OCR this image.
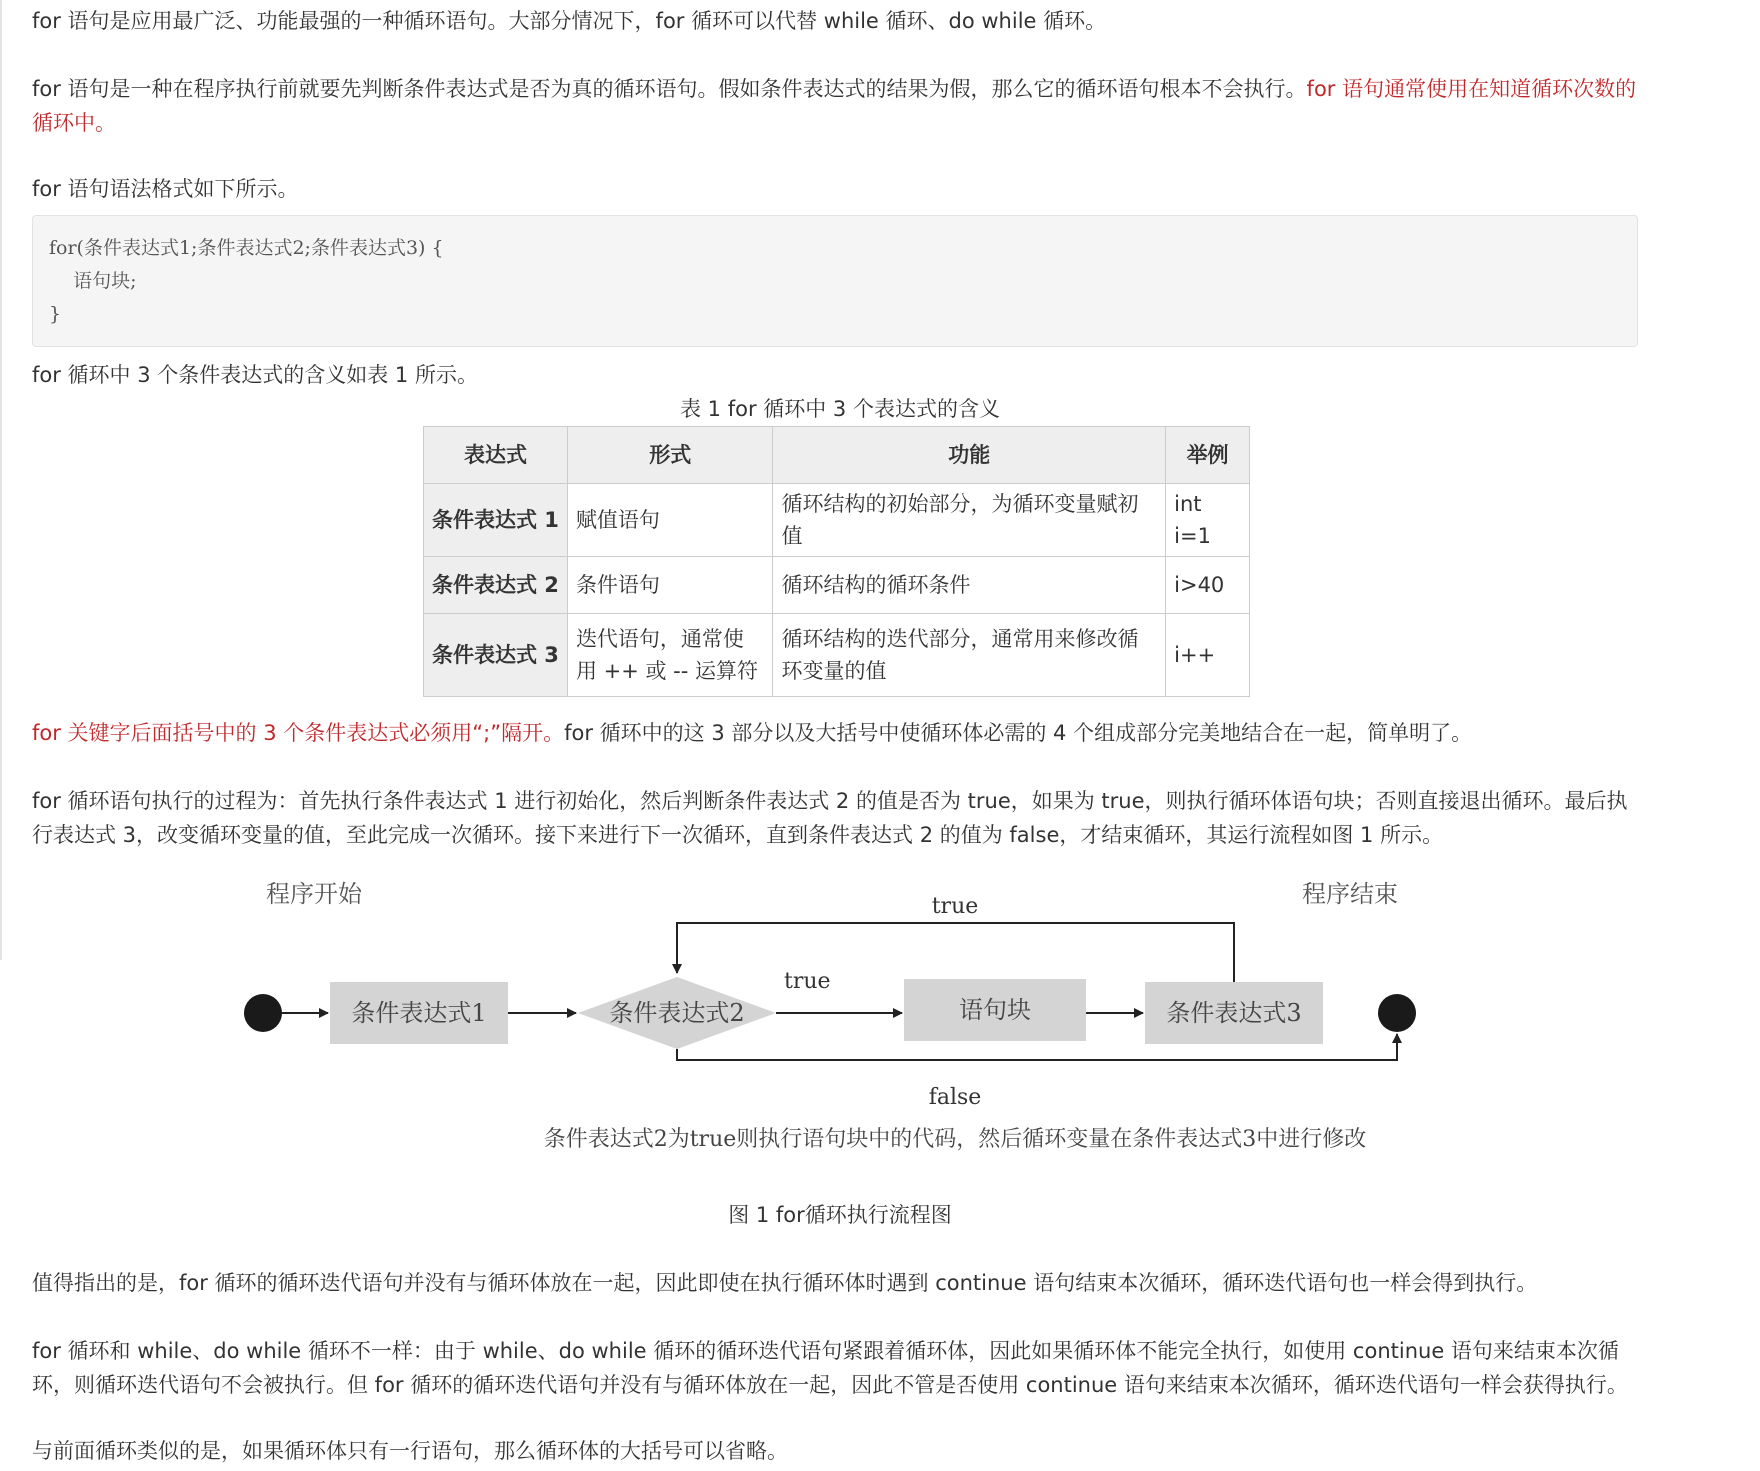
for 语句是应用最广泛、功能最强的一种循环语句。大部分情况下，for 循环可以代替 while 循环、do while 循环。

for 语句是一种在程序执行前就要先判断条件表达式是否为真的循环语句。假如条件表达式的结果为假，那么它的循环语句根本不会执行。for 语句通常使用在知道循环次数的循环中。

for 语句语法格式如下所示。

for(条件表达式1;条件表达式2;条件表达式3) {
语句块;
}

for 循环中 3 个条件表达式的含义如表 1 所示。

表 1 for 循环中 3 个表达式的含义
表达式	形式	功能	举例
条件表达式 1	赋值语句	循环结构的初始部分，为循环变量赋初值	int i=1
条件表达式 2	条件语句	循环结构的循环条件	i>40
条件表达式 3	迭代语句，通常使用 ++ 或 -- 运算符	循环结构的迭代部分，通常用来修改循环变量的值	i++

for 关键字后面括号中的 3 个条件表达式必须用“;”隔开。for 循环中的这 3 部分以及大括号中使循环体必需的 4 个组成部分完美地结合在一起，简单明了。

for 循环语句执行的过程为：首先执行条件表达式 1 进行初始化，然后判断条件表达式 2 的值是否为 true，如果为 true，则执行循环体语句块；否则直接退出循环。最后执
行表达式 3，改变循环变量的值，至此完成一次循环。接下来进行下一次循环，直到条件表达式 2 的值为 false，才结束循环，其运行流程如图 1 所示。

程序开始	程序结束
条件表达式1	条件表达式2
true
语句块	条件表达式3
true
false
条件表达式2为true则执行语句块中的代码，然后循环变量在条件表达式3中进行修改
图 1 for循环执行流程图

值得指出的是，for 循环的循环迭代语句并没有与循环体放在一起，因此即使在执行循环体时遇到 continue 语句结束本次循环，循环迭代语句也一样会得到执行。

for 循环和 while、do while 循环不一样：由于 while、do while 循环的循环迭代语句紧跟着循环体，因此如果循环体不能完全执行，如使用 continue 语句来结束本次循
环，则循环迭代语句不会被执行。但 for 循环的循环迭代语句并没有与循环体放在一起，因此不管是否使用 continue 语句来结束本次循环，循环迭代语句一样会获得执行。

与前面循环类似的是，如果循环体只有一行语句，那么循环体的大括号可以省略。
